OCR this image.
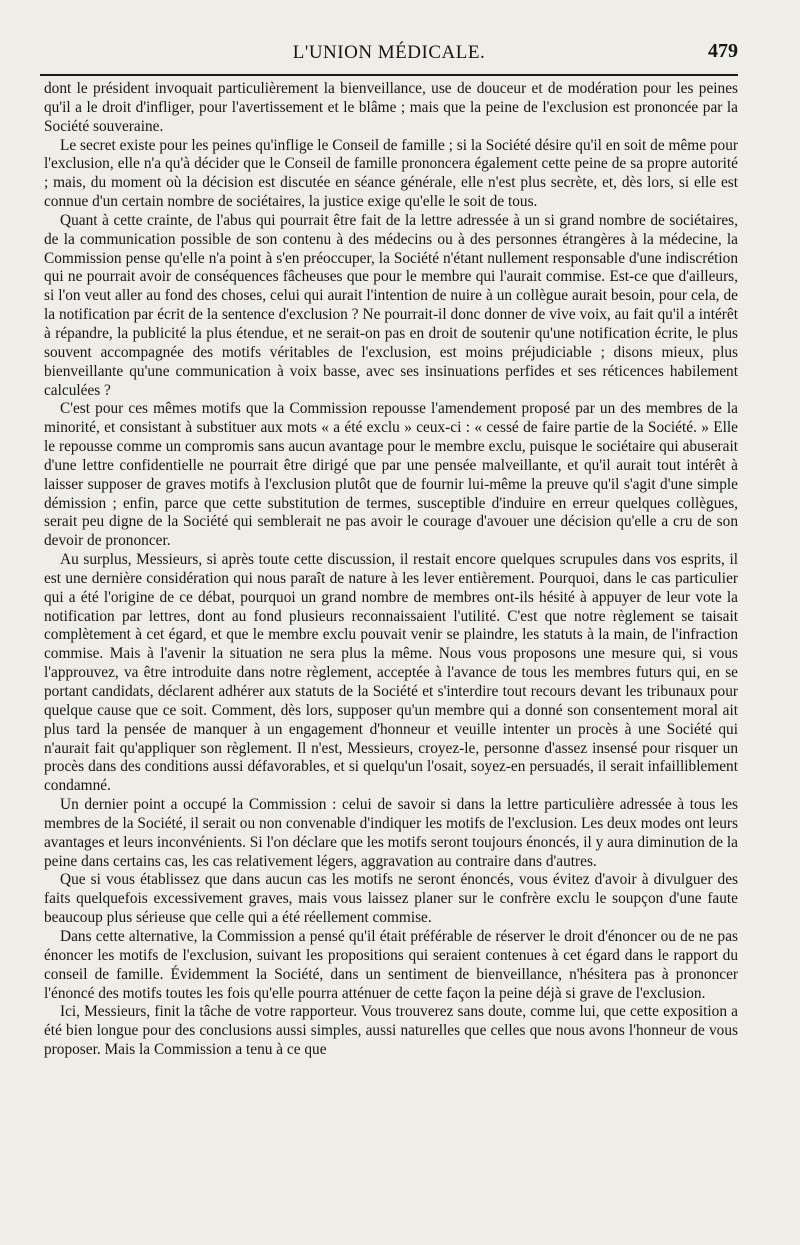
L'UNION MÉDICALE.	479

dont le président invoquait particulièrement la bienveillance, use de douceur et de modération pour les peines qu'il a le droit d'infliger, pour l'avertissement et le blâme ; mais que la peine de l'exclusion est prononcée par la Société souveraine.

Le secret existe pour les peines qu'inflige le Conseil de famille ; si la Société désire qu'il en soit de même pour l'exclusion, elle n'a qu'à décider que le Conseil de famille prononcera également cette peine de sa propre autorité ; mais, du moment où la décision est discutée en séance générale, elle n'est plus secrète, et, dès lors, si elle est connue d'un certain nombre de sociétaires, la justice exige qu'elle le soit de tous.

Quant à cette crainte, de l'abus qui pourrait être fait de la lettre adressée à un si grand nombre de sociétaires, de la communication possible de son contenu à des médecins ou à des personnes étrangères à la médecine, la Commission pense qu'elle n'a point à s'en préoccuper, la Société n'étant nullement responsable d'une indiscrétion qui ne pourrait avoir de conséquences fâcheuses que pour le membre qui l'aurait commise. Est-ce que d'ailleurs, si l'on veut aller au fond des choses, celui qui aurait l'intention de nuire à un collègue aurait besoin, pour cela, de la notification par écrit de la sentence d'exclusion ? Ne pourrait-il donc donner de vive voix, au fait qu'il a intérêt à répandre, la publicité la plus étendue, et ne serait-on pas en droit de soutenir qu'une notification écrite, le plus souvent accompagnée des motifs véritables de l'exclusion, est moins préjudiciable ; disons mieux, plus bienveillante qu'une communication à voix basse, avec ses insinuations perfides et ses réticences habilement calculées ?

C'est pour ces mêmes motifs que la Commission repousse l'amendement proposé par un des membres de la minorité, et consistant à substituer aux mots « a été exclu » ceux-ci : « cessé de faire partie de la Société. » Elle le repousse comme un compromis sans aucun avantage pour le membre exclu, puisque le sociétaire qui abuserait d'une lettre confidentielle ne pourrait être dirigé que par une pensée malveillante, et qu'il aurait tout intérêt à laisser supposer de graves motifs à l'exclusion plutôt que de fournir lui-même la preuve qu'il s'agit d'une simple démission ; enfin, parce que cette substitution de termes, susceptible d'induire en erreur quelques collègues, serait peu digne de la Société qui semblerait ne pas avoir le courage d'avouer une décision qu'elle a cru de son devoir de prononcer.

Au surplus, Messieurs, si après toute cette discussion, il restait encore quelques scrupules dans vos esprits, il est une dernière considération qui nous paraît de nature à les lever entièrement. Pourquoi, dans le cas particulier qui a été l'origine de ce débat, pourquoi un grand nombre de membres ont-ils hésité à appuyer de leur vote la notification par lettres, dont au fond plusieurs reconnaissaient l'utilité. C'est que notre règlement se taisait complètement à cet égard, et que le membre exclu pouvait venir se plaindre, les statuts à la main, de l'infraction commise. Mais à l'avenir la situation ne sera plus la même. Nous vous proposons une mesure qui, si vous l'approuvez, va être introduite dans notre règlement, acceptée à l'avance de tous les membres futurs qui, en se portant candidats, déclarent adhérer aux statuts de la Société et s'interdire tout recours devant les tribunaux pour quelque cause que ce soit. Comment, dès lors, supposer qu'un membre qui a donné son consentement moral ait plus tard la pensée de manquer à un engagement d'honneur et veuille intenter un procès à une Société qui n'aurait fait qu'appliquer son règlement. Il n'est, Messieurs, croyez-le, personne d'assez insensé pour risquer un procès dans des conditions aussi défavorables, et si quelqu'un l'osait, soyez-en persuadés, il serait infailliblement condamné.

Un dernier point a occupé la Commission : celui de savoir si dans la lettre particulière adressée à tous les membres de la Société, il serait ou non convenable d'indiquer les motifs de l'exclusion. Les deux modes ont leurs avantages et leurs inconvénients. Si l'on déclare que les motifs seront toujours énoncés, il y aura diminution de la peine dans certains cas, les cas relativement légers, aggravation au contraire dans d'autres.

Que si vous établissez que dans aucun cas les motifs ne seront énoncés, vous évitez d'avoir à divulguer des faits quelquefois excessivement graves, mais vous laissez planer sur le confrère exclu le soupçon d'une faute beaucoup plus sérieuse que celle qui a été réellement commise.

Dans cette alternative, la Commission a pensé qu'il était préférable de réserver le droit d'énoncer ou de ne pas énoncer les motifs de l'exclusion, suivant les propositions qui seraient contenues à cet égard dans le rapport du conseil de famille. Évidemment la Société, dans un sentiment de bienveillance, n'hésitera pas à prononcer l'énoncé des motifs toutes les fois qu'elle pourra atténuer de cette façon la peine déjà si grave de l'exclusion.

Ici, Messieurs, finit la tâche de votre rapporteur. Vous trouverez sans doute, comme lui, que cette exposition a été bien longue pour des conclusions aussi simples, aussi naturelles que celles que nous avons l'honneur de vous proposer. Mais la Commission a tenu à ce que
